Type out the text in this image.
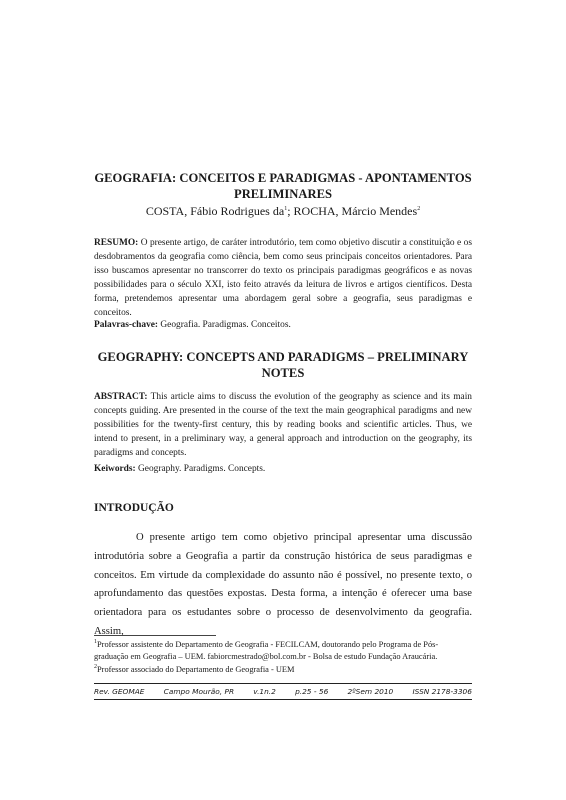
GEOGRAFIA: CONCEITOS E PARADIGMAS - APONTAMENTOS PRELIMINARES
COSTA, Fábio Rodrigues $da^1$; ROCHA, Márcio Mendes$^2$
RESUMO: O presente artigo, de caráter introdutório, tem como objetivo discutir a constituição e os desdobramentos da geografia como ciência, bem como seus principais conceitos orientadores. Para isso buscamos apresentar no transcorrer do texto os principais paradigmas geográficos e as novas possibilidades para o século XXI, isto feito através da leitura de livros e artigos científicos. Desta forma, pretendemos apresentar uma abordagem geral sobre a geografia, seus paradigmas e conceitos.
Palavras-chave: Geografia. Paradigmas. Conceitos.
GEOGRAPHY: CONCEPTS AND PARADIGMS – PRELIMINARY NOTES
ABSTRACT: This article aims to discuss the evolution of the geography as science and its main concepts guiding. Are presented in the course of the text the main geographical paradigms and new possibilities for the twenty-first century, this by reading books and scientific articles. Thus, we intend to present, in a preliminary way, a general approach and introduction on the geography, its paradigms and concepts.
Keiwords: Geography. Paradigms. Concepts.
INTRODUÇÃO
O presente artigo tem como objetivo principal apresentar uma discussão introdutória sobre a Geografia a partir da construção histórica de seus paradigmas e conceitos. Em virtude da complexidade do assunto não é possível, no presente texto, o aprofundamento das questões expostas. Desta forma, a intenção é oferecer uma base orientadora para os estudantes sobre o processo de desenvolvimento da geografia. Assim,
$^1$Professor assistente do Departamento de Geografia - FECILCAM, doutorando pelo Programa de Pós-graduação em Geografia – UEM. fabiorcmestrado@bol.com.br - Bolsa de estudo Fundação Araucária.
$^2$Professor associado do Departamento de Geografia - UEM
Rev. GEOMAE	Campo Mourão, PR	v.1n.2	p.25 - 56	2ºSem 2010	ISSN 2178-3306
